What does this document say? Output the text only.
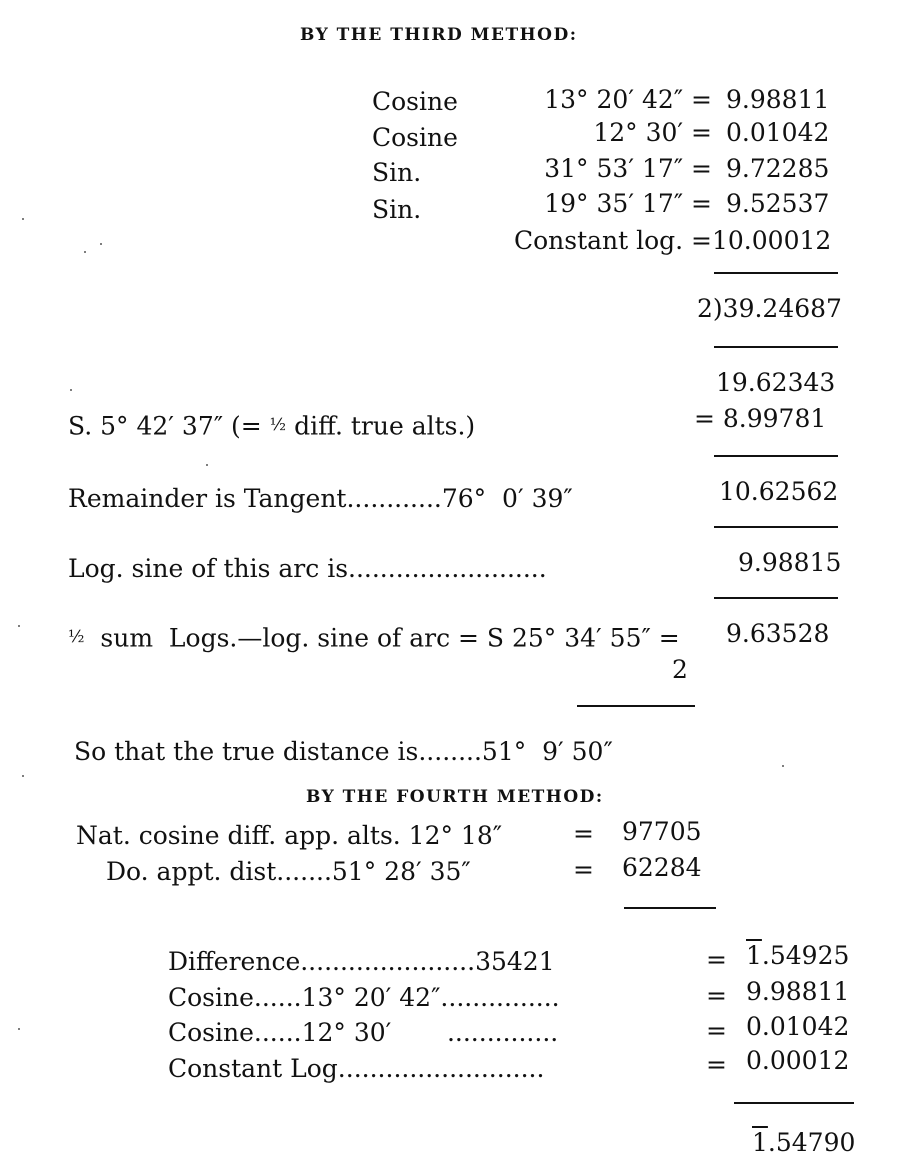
BY THE THIRD METHOD:
Cosine	13° 20′ 42″ = 9.98811
Cosine	12° 30′ = 0.01042
Sin.	31° 53′ 17″ = 9.72285
Sin.	19° 35′ 17″ = 9.52537
Constant log. = 10.00012
2)39.24687
19.62343
S. 5° 42′ 37″ (= ½ diff. true alts.)	= 8.99781
Remainder is Tangent............76°  0′ 39″	10.62562
Log. sine of this arc is.........................	9.98815
½ sum  Logs.—log. sine of arc = S 25° 34′ 55″ = 9.63528
2
So that the true distance is........51°  9′ 50″
BY THE FOURTH METHOD:
Nat. cosine diff. app. alts. 12° 18″	= 97705
Do. appt. dist.......51° 28′ 35″	= 62284
Difference......................35421	= 1.54925
Cosine......13° 20′ 42″...............	= 9.98811
Cosine......12° 30′       ..............	= 0.01042
Constant Log..........................	= 0.00012
1.54790
